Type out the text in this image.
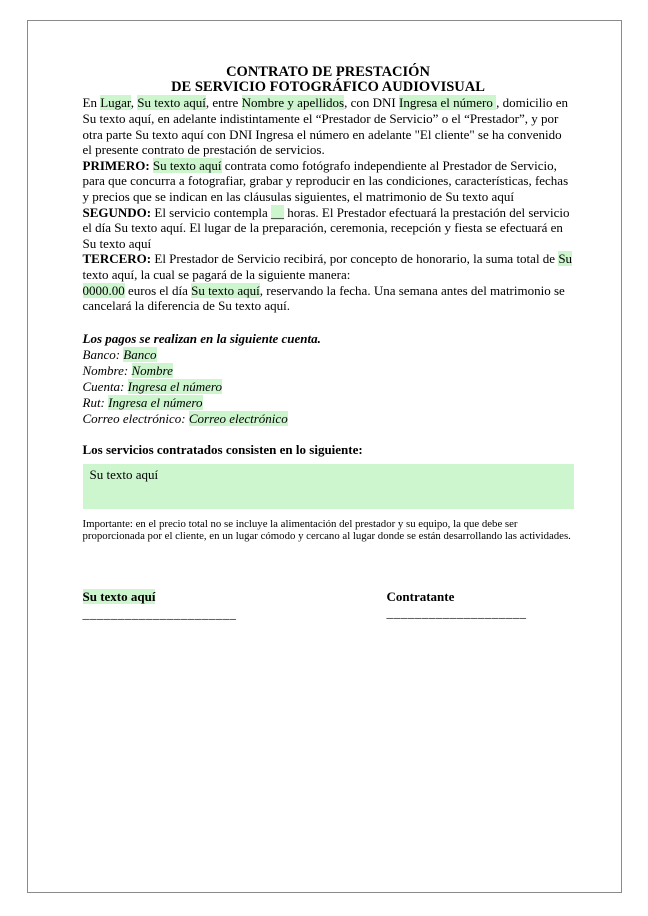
CONTRATO DE PRESTACIÓN
DE SERVICIO FOTOGRÁFICO AUDIOVISUAL

En Lugar, Su texto aquí, entre Nombre y apellidos, con DNI Ingresa el número , domicilio en Su texto aquí, en adelante indistintamente el “Prestador de Servicio” o el “Prestador”, y por otra parte Su texto aquí con DNI Ingresa el número en adelante "El cliente" se ha convenido el presente contrato de prestación de servicios.

PRIMERO: Su texto aquí contrata como fotógrafo independiente al Prestador de Servicio, para que concurra a fotografiar, grabar y reproducir en las condiciones, características, fechas y precios que se indican en las cláusulas siguientes, el matrimonio de Su texto aquí

SEGUNDO: El servicio contempla __ horas. El Prestador efectuará la prestación del servicio el día Su texto aquí. El lugar de la preparación, ceremonia, recepción y fiesta se efectuará en Su texto aquí

TERCERO: El Prestador de Servicio recibirá, por concepto de honorario, la suma total de Su texto aquí, la cual se pagará de la siguiente manera:

0000.00 euros el día Su texto aquí, reservando la fecha. Una semana antes del matrimonio se cancelará la diferencia de Su texto aquí.

Los pagos se realizan en la siguiente cuenta.

Banco: Banco

Nombre: Nombre

Cuenta: Ingresa el número

Rut: Ingresa el número

Correo electrónico: Correo electrónico

Los servicios contratados consisten en lo siguiente:

Su texto aquí

Importante: en el precio total no se incluye la alimentación del prestador y su equipo, la que debe ser proporcionada por el cliente, en un lugar cómodo y cercano al lugar donde se están desarrollando las actividades.

Su texto aquí
______________________
Contratante
____________________
